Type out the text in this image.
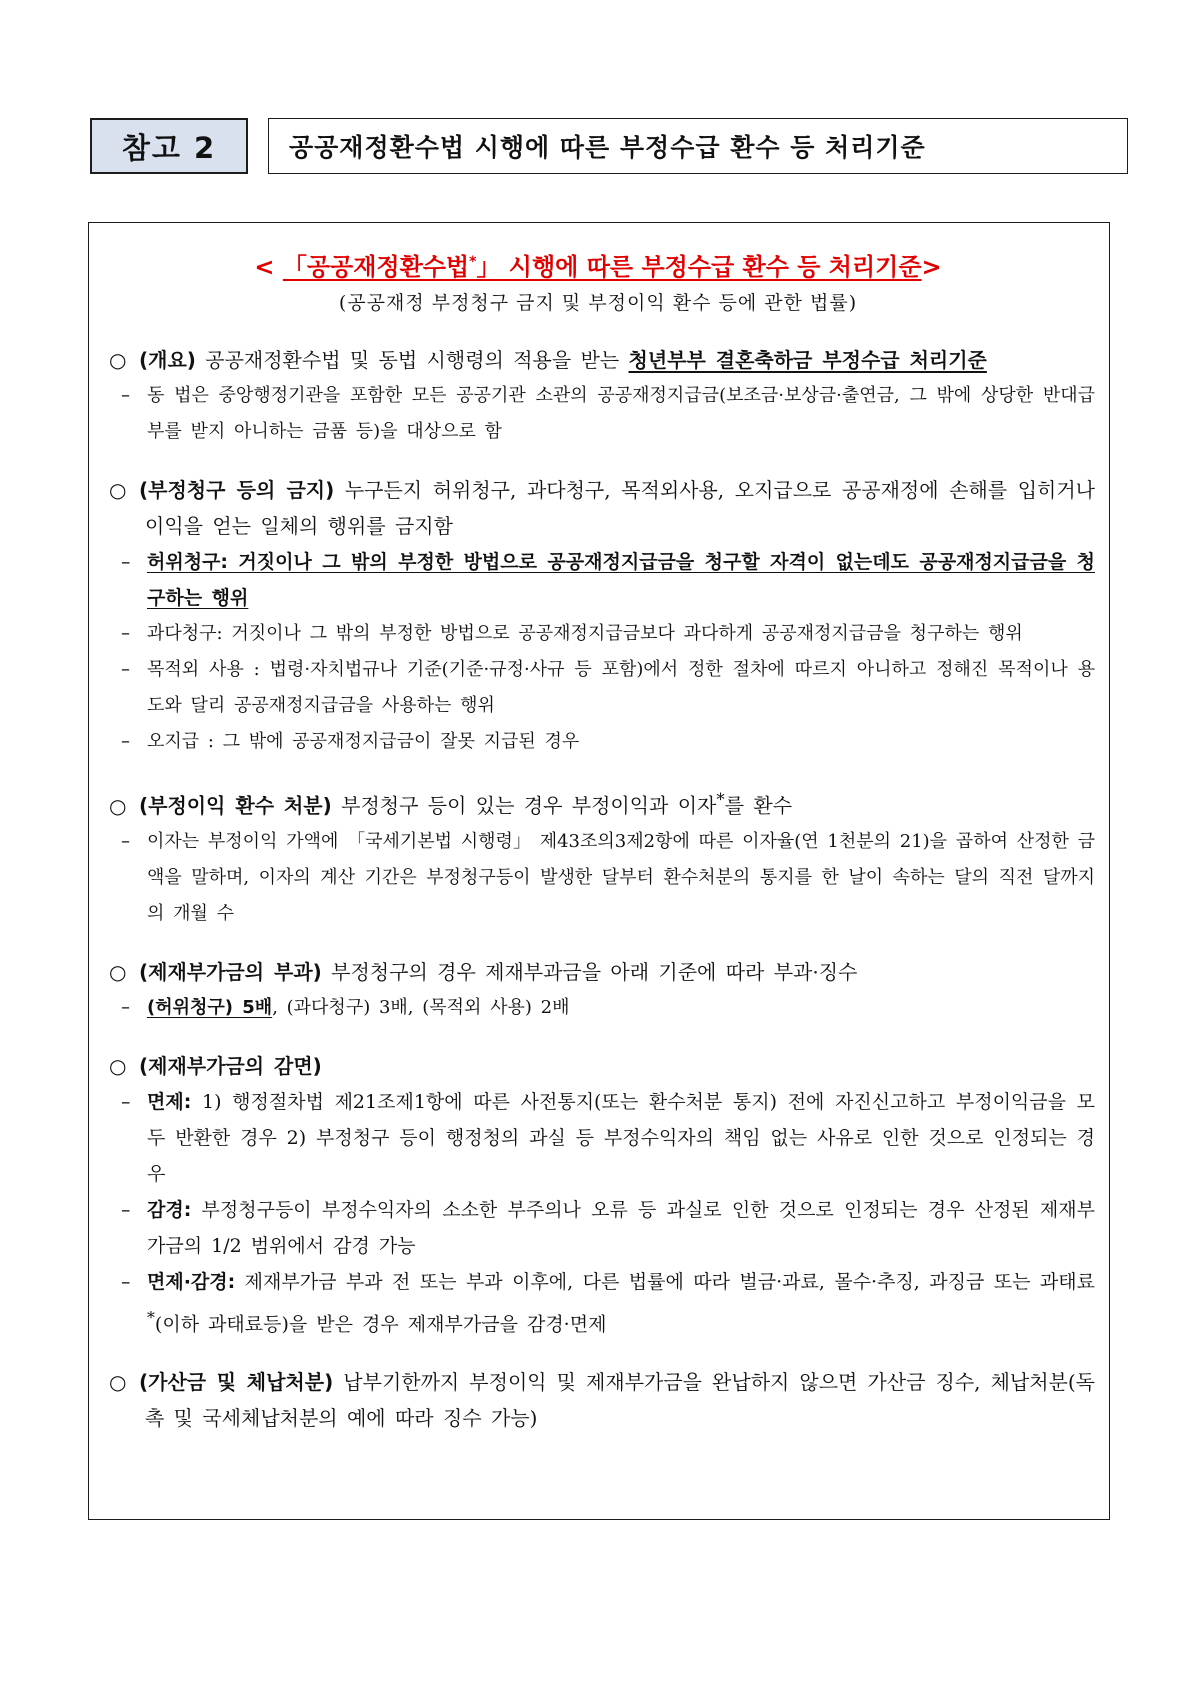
참고 2	공공재정환수법 시행에 따른 부정수급 환수 등 처리기준
< 「공공재정환수법*」 시행에 따른 부정수급 환수 등 처리기준>
(공공재정 부정청구 금지 및 부정이익 환수 등에 관한 법률)
○ (개요) 공공재정환수법 및 동법 시행령의 적용을 받는 청년부부 결혼축하금 부정수급 처리기준
– 동 법은 중앙행정기관을 포함한 모든 공공기관 소관의 공공재정지급금(보조금·보상금·출연금, 그 밖에 상당한 반대급부를 받지 아니하는 금품 등)을 대상으로 함
○ (부정청구 등의 금지) 누구든지 허위청구, 과다청구, 목적외사용, 오지급으로 공공재정에 손해를 입히거나 이익을 얻는 일체의 행위를 금지함
– 허위청구: 거짓이나 그 밖의 부정한 방법으로 공공재정지급금을 청구할 자격이 없는데도 공공재정지급금을 청구하는 행위
– 과다청구: 거짓이나 그 밖의 부정한 방법으로 공공재정지급금보다 과다하게 공공재정지급금을 청구하는 행위
– 목적외 사용 : 법령·자치법규나 기준(기준·규정·사규 등 포함)에서 정한 절차에 따르지 아니하고 정해진 목적이나 용도와 달리 공공재정지급금을 사용하는 행위
– 오지급 : 그 밖에 공공재정지급금이 잘못 지급된 경우
○ (부정이익 환수 처분) 부정청구 등이 있는 경우 부정이익과 이자*를 환수
– 이자는 부정이익 가액에 「국세기본법 시행령」 제43조의3제2항에 따른 이자율(연 1천분의 21)을 곱하여 산정한 금액을 말하며, 이자의 계산 기간은 부정청구등이 발생한 달부터 환수처분의 통지를 한 날이 속하는 달의 직전 달까지의 개월 수
○ (제재부가금의 부과) 부정청구의 경우 제재부과금을 아래 기준에 따라 부과·징수
– (허위청구) 5배, (과다청구) 3배, (목적외 사용) 2배
○ (제재부가금의 감면)
– 면제: 1) 행정절차법 제21조제1항에 따른 사전통지(또는 환수처분 통지) 전에 자진신고하고 부정이익금을 모두 반환한 경우 2) 부정청구 등이 행정청의 과실 등 부정수익자의 책임 없는 사유로 인한 것으로 인정되는 경우
– 감경: 부정청구등이 부정수익자의 소소한 부주의나 오류 등 과실로 인한 것으로 인정되는 경우 산정된 제재부가금의 1/2 범위에서 감경 가능
– 면제·감경: 제재부가금 부과 전 또는 부과 이후에, 다른 법률에 따라 벌금·과료, 몰수·추징, 과징금 또는 과태료*(이하 과태료등)을 받은 경우 제재부가금을 감경·면제
○ (가산금 및 체납처분) 납부기한까지 부정이익 및 제재부가금을 완납하지 않으면 가산금 징수, 체납처분(독촉 및 국세체납처분의 예에 따라 징수 가능)
